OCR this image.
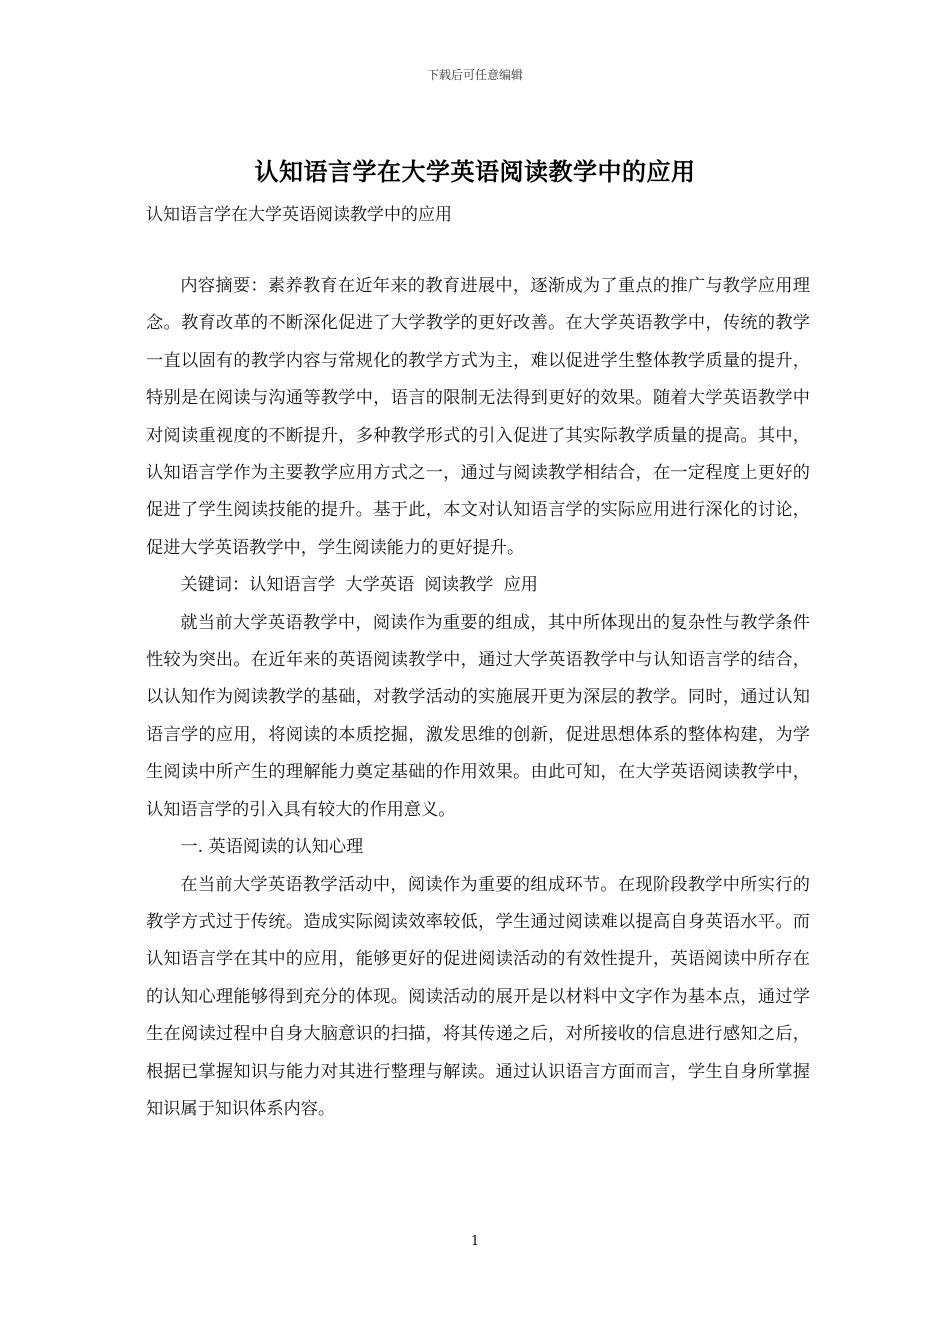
下载后可任意编辑
认知语言学在大学英语阅读教学中的应用

认知语言学在大学英语阅读教学中的应用

内容摘要：素养教育在近年来的教育进展中，逐渐成为了重点的推广与教学应用理念。教育改革的不断深化促进了大学教学的更好改善。在大学英语教学中，传统的教学一直以固有的教学内容与常规化的教学方式为主，难以促进学生整体教学质量的提升，特别是在阅读与沟通等教学中，语言的限制无法得到更好的效果。随着大学英语教学中对阅读重视度的不断提升，多种教学形式的引入促进了其实际教学质量的提高。其中，认知语言学作为主要教学应用方式之一，通过与阅读教学相结合，在一定程度上更好的促进了学生阅读技能的提升。基于此，本文对认知语言学的实际应用进行深化的讨论，促进大学英语教学中，学生阅读能力的更好提升。

关键词：认知语言学 大学英语 阅读教学 应用

就当前大学英语教学中，阅读作为重要的组成，其中所体现出的复杂性与教学条件性较为突出。在近年来的英语阅读教学中，通过大学英语教学中与认知语言学的结合，以认知作为阅读教学的基础，对教学活动的实施展开更为深层的教学。同时，通过认知语言学的应用，将阅读的本质挖掘，激发思维的创新，促进思想体系的整体构建，为学生阅读中所产生的理解能力奠定基础的作用效果。由此可知，在大学英语阅读教学中，认知语言学的引入具有较大的作用意义。

一. 英语阅读的认知心理

在当前大学英语教学活动中，阅读作为重要的组成环节。在现阶段教学中所实行的教学方式过于传统。造成实际阅读效率较低，学生通过阅读难以提高自身英语水平。而认知语言学在其中的应用，能够更好的促进阅读活动的有效性提升，英语阅读中所存在的认知心理能够得到充分的体现。阅读活动的展开是以材料中文字作为基本点，通过学生在阅读过程中自身大脑意识的扫描，将其传递之后，对所接收的信息进行感知之后，根据已掌握知识与能力对其进行整理与解读。通过认识语言方面而言，学生自身所掌握知识属于知识体系内容。

1
